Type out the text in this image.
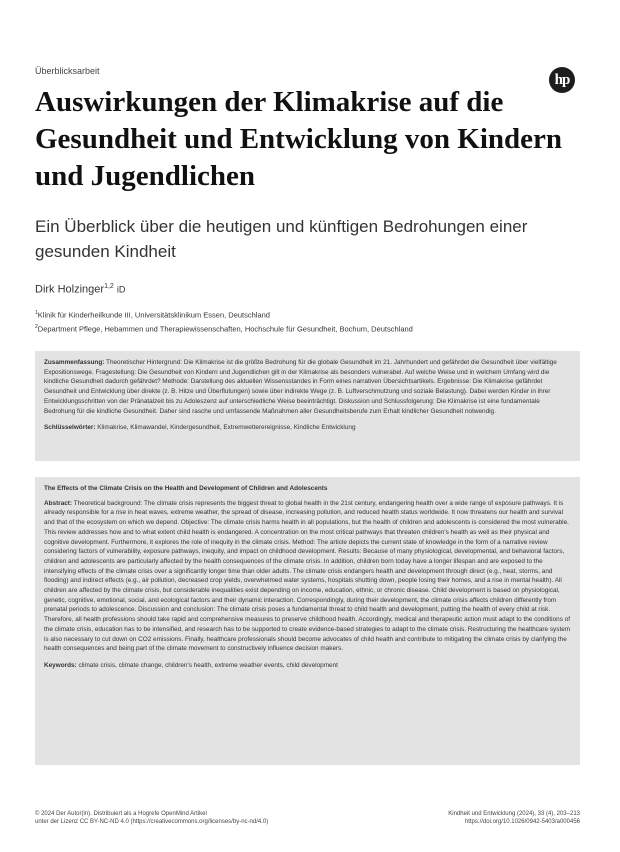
Überblicksarbeit
hp
Auswirkungen der Klimakrise auf die Gesundheit und Entwicklung von Kindern und Jugendlichen
Ein Überblick über die heutigen und künftigen Bedrohungen einer gesunden Kindheit
Dirk Holzinger$^{1,2}$ iD
$^1$Klinik für Kinderheilkunde III, Universitätsklinikum Essen, Deutschland
$^2$Department Pflege, Hebammen und Therapiewissenschaften, Hochschule für Gesundheit, Bochum, Deutschland

Zusammenfassung: Theoretischer Hintergrund: Die Klimakrise ist die größte Bedrohung für die globale Gesundheit im 21. Jahrhundert und gefährdet die Gesundheit über vielfältige Expositionswege. Fragestellung: Die Gesundheit von Kindern und Jugendlichen gilt in der Klimakrise als besonders vulnerabel. Auf welche Weise und in welchem Umfang wird die kindliche Gesundheit dadurch gefährdet? Methode: Darstellung des aktuellen Wissensstandes in Form eines narrativen Übersichtsartikels. Ergebnisse: Die Klimakrise gefährdet Gesundheit und Entwicklung über direkte (z. B. Hitze und Überflutungen) sowie über indirekte Wege (z. B. Luftverschmutzung und soziale Belastung). Dabei werden Kinder in ihrer Entwicklungsschritten von der Pränatalzeit bis zu Adoleszenz auf unterschiedliche Weise beeinträchtigt. Diskussion und Schlussfolgerung: Die Klimakrise ist eine fundamentale Bedrohung für die kindliche Gesundheit. Daher sind rasche und umfassende Maßnahmen aller Gesundheitsberufe zum Erhalt kindlicher Gesundheit notwendig.

Schlüsselwörter: Klimakrise, Klimawandel, Kindergesundheit, Extremwetterereignisse, Kindliche Entwicklung

The Effects of the Climate Crisis on the Health and Development of Children and Adolescents

Abstract: Theoretical background: The climate crisis represents the biggest threat to global health in the 21st century, endangering health over a wide range of exposure pathways. It is already responsible for a rise in heat waves, extreme weather, the spread of disease, increasing pollution, and reduced health status worldwide. It now threatens our health and survival and that of the ecosystem on which we depend. Objective: The climate crisis harms health in all populations, but the health of children and adolescents is considered the most vulnerable. This review addresses how and to what extent child health is endangered. A concentration on the most critical pathways that threaten children's health as well as their physical and cognitive development. Furthermore, it explores the role of inequity in the climate crisis. Method: The article depicts the current state of knowledge in the form of a narrative review considering factors of vulnerability, exposure pathways, inequity, and impact on childhood development. Results: Because of many physiological, developmental, and behavioral factors, children and adolescents are particularly affected by the health consequences of the climate crisis. In addition, children born today have a longer lifespan and are exposed to the intensifying effects of the climate crisis over a significantly longer time than older adults. The climate crisis endangers health and development through direct (e.g., heat, storms, and flooding) and indirect effects (e.g., air pollution, decreased crop yields, overwhelmed water systems, hospitals shutting down, people losing their homes, and a rise in mental health). All children are affected by the climate crisis, but considerable inequalities exist depending on income, education, ethnic, or chronic disease. Child development is based on physiological, genetic, cognitive, emotional, social, and ecological factors and their dynamic interaction. Correspondingly, during their development, the climate crisis affects children differently from prenatal periods to adolescence. Discussion and conclusion: The climate crisis poses a fundamental threat to child health and development, putting the health of every child at risk. Therefore, all health professions should take rapid and comprehensive measures to preserve childhood health. Accordingly, medical and therapeutic action must adapt to the conditions of the climate crisis, education has to be intensified, and research has to be supported to create evidence-based strategies to adapt to the climate crisis. Restructuring the healthcare system is also necessary to cut down on CO2 emissions. Finally, healthcare professionals should become advocates of child health and contribute to mitigating the climate crisis by clarifying the health consequences and being part of the climate movement to constructively influence decision makers.

Keywords: climate crisis, climate change, children's health, extreme weather events, child development

© 2024 Der Autor(in). Distribuiert als a Hogrefe OpenMind Artikel
unter der Lizenz CC BY-NC-ND 4.0 (https://creativecommons.org/licenses/by-nc-nd/4.0)
Kindheit und Entwicklung (2024), 33 (4), 203–213
https://doi.org/10.1026/0942-5403/a000456
